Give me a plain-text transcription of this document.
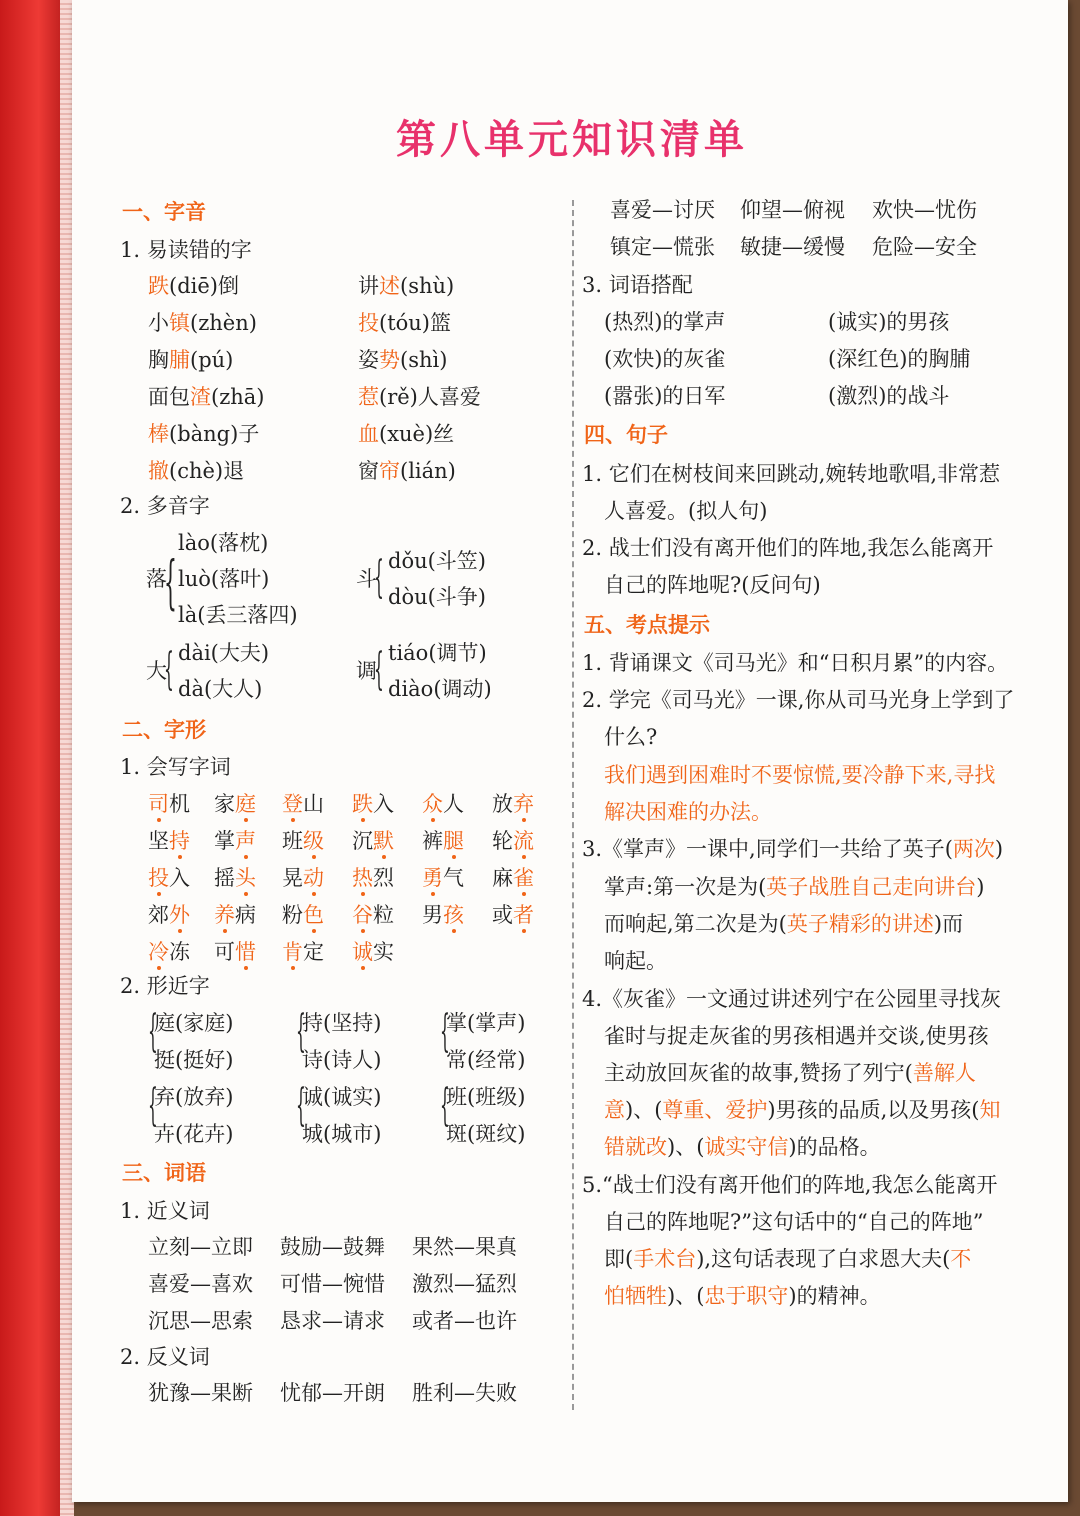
第八单元知识清单
一、字音
1. 易读错的字
跌(diē)倒	讲述(shù)
小镇(zhèn)	投(tóu)篮
胸脯(pú)	姿势(shì)
面包渣(zhā)	惹(rě)人喜爱
棒(bàng)子	血(xuè)丝
撤(chè)退	窗帘(lián)
2. 多音字
落
{
lào(落枕)
luò(落叶)
là(丢三落四)
斗
{ dǒu(斗笠)
dòu(斗争)
大
{ dài(大夫)
dà(大人)
调
{ tiáo(调节)
diào(调动)
二、字形
1. 会写字词
司机 家庭 登山 跌入 众人 放弃
坚持 掌声 班级 沉默 裤腿 轮流
投入 摇头 晃动 热烈 勇气 麻雀
郊外 养病 粉色 谷粒 男孩 或者
冷冻 可惜 肯定 诚实
2. 形近字
{
庭(家庭)
挺(挺好)
{
持(坚持)
诗(诗人)
{
掌(掌声)
常(经常)
{
弃(放弃)
卉(花卉)
{
诚(诚实)
城(城市)
{
班(班级)
斑(斑纹)
三、词语
1. 近义词
立刻—立即 鼓励—鼓舞 果然—果真
喜爱—喜欢 可惜—惋惜 激烈—猛烈
沉思—思索 恳求—请求 或者—也许
2. 反义词
犹豫—果断 忧郁—开朗 胜利—失败
喜爱—讨厌 仰望—俯视 欢快—忧伤
镇定—慌张 敏捷—缓慢 危险—安全
3. 词语搭配
(热烈)的掌声	(诚实)的男孩
(欢快)的灰雀	(深红色)的胸脯
(嚣张)的日军	(激烈)的战斗
四、句子
1. 它们在树枝间来回跳动,婉转地歌唱,非常惹
人喜爱。(拟人句)
2. 战士们没有离开他们的阵地,我怎么能离开
自己的阵地呢?(反问句)
五、考点提示
1. 背诵课文《司马光》和“日积月累”的内容。
2. 学完《司马光》一课,你从司马光身上学到了
什么?
我们遇到困难时不要惊慌,要冷静下来,寻找
解决困难的办法。
3.《掌声》一课中,同学们一共给了英子(两次)
掌声:第一次是为(英子战胜自己走向讲台)
而响起,第二次是为(英子精彩的讲述)而
响起。
4.《灰雀》一文通过讲述列宁在公园里寻找灰
雀时与捉走灰雀的男孩相遇并交谈,使男孩
主动放回灰雀的故事,赞扬了列宁(善解人
意)、(尊重、爱护)男孩的品质,以及男孩(知
错就改)、(诚实守信)的品格。
5.“战士们没有离开他们的阵地,我怎么能离开
自己的阵地呢?”这句话中的“自己的阵地”
即(手术台),这句话表现了白求恩大夫(不
怕牺牲)、(忠于职守)的精神。
